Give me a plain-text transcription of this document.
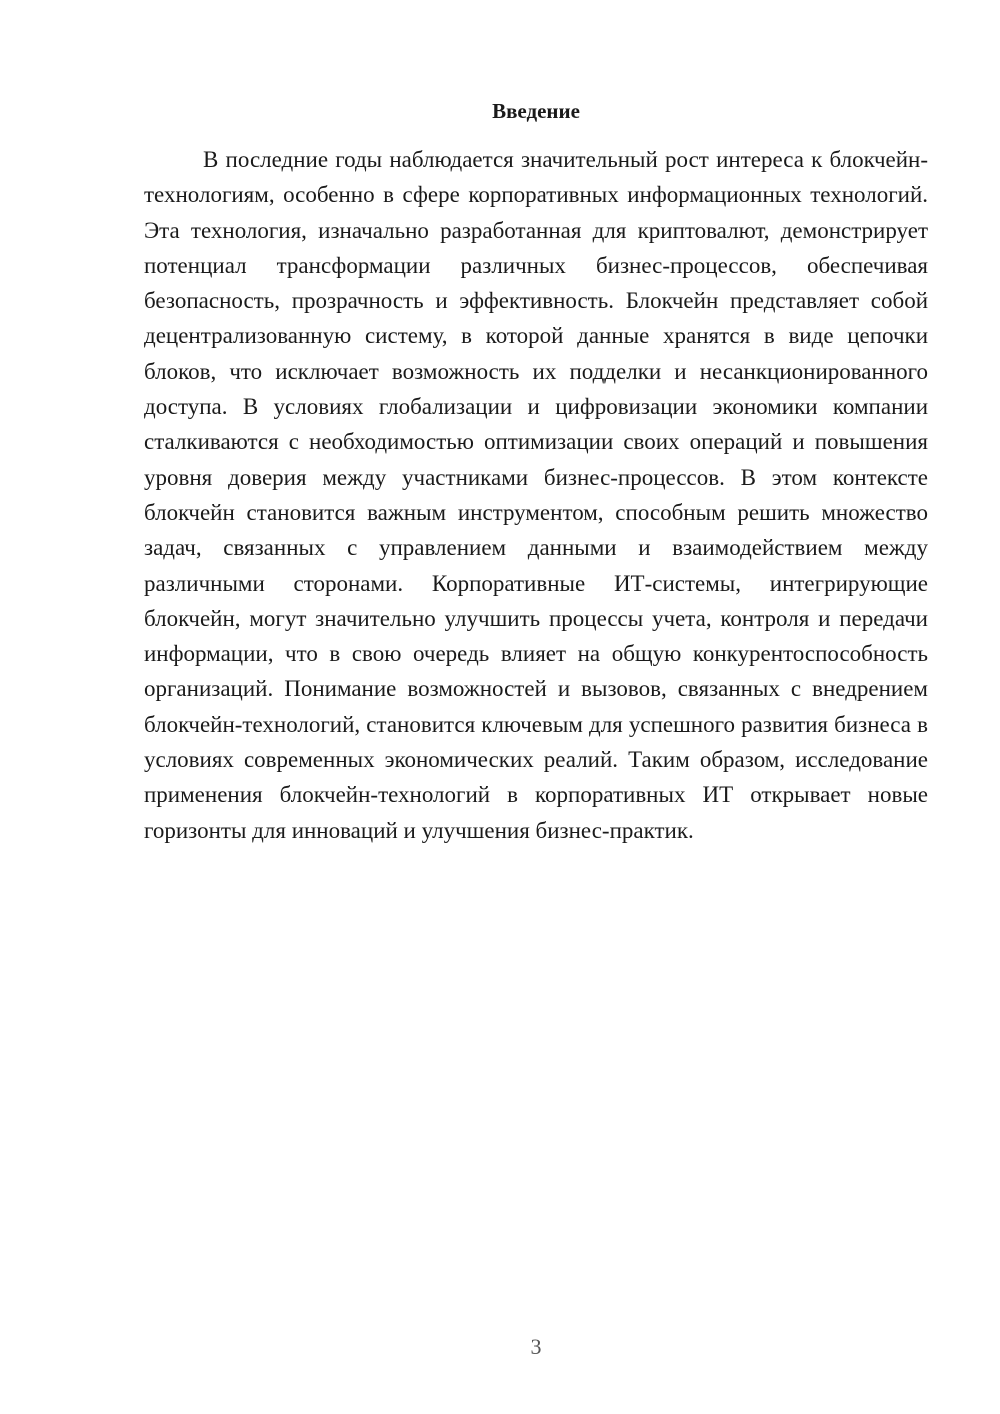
Введение

В последние годы наблюдается значительный рост интереса к блокчейн-технологиям, особенно в сфере корпоративных информационных технологий. Эта технология, изначально разработанная для криптовалют, демонстрирует потенциал трансформации различных бизнес-процессов, обеспечивая безопасность, прозрачность и эффективность. Блокчейн представляет собой децентрализованную систему, в которой данные хранятся в виде цепочки блоков, что исключает возможность их подделки и несанкционированного доступа. В условиях глобализации и цифровизации экономики компании сталкиваются с необходимостью оптимизации своих операций и повышения уровня доверия между участниками бизнес-процессов. В этом контексте блокчейн становится важным инструментом, способным решить множество задач, связанных с управлением данными и взаимодействием между различными сторонами. Корпоративные ИТ-системы, интегрирующие блокчейн, могут значительно улучшить процессы учета, контроля и передачи информации, что в свою очередь влияет на общую конкурентоспособность организаций. Понимание возможностей и вызовов, связанных с внедрением блокчейн-технологий, становится ключевым для успешного развития бизнеса в условиях современных экономических реалий. Таким образом, исследование применения блокчейн-технологий в корпоративных ИТ открывает новые горизонты для инноваций и улучшения бизнес-практик.

3
